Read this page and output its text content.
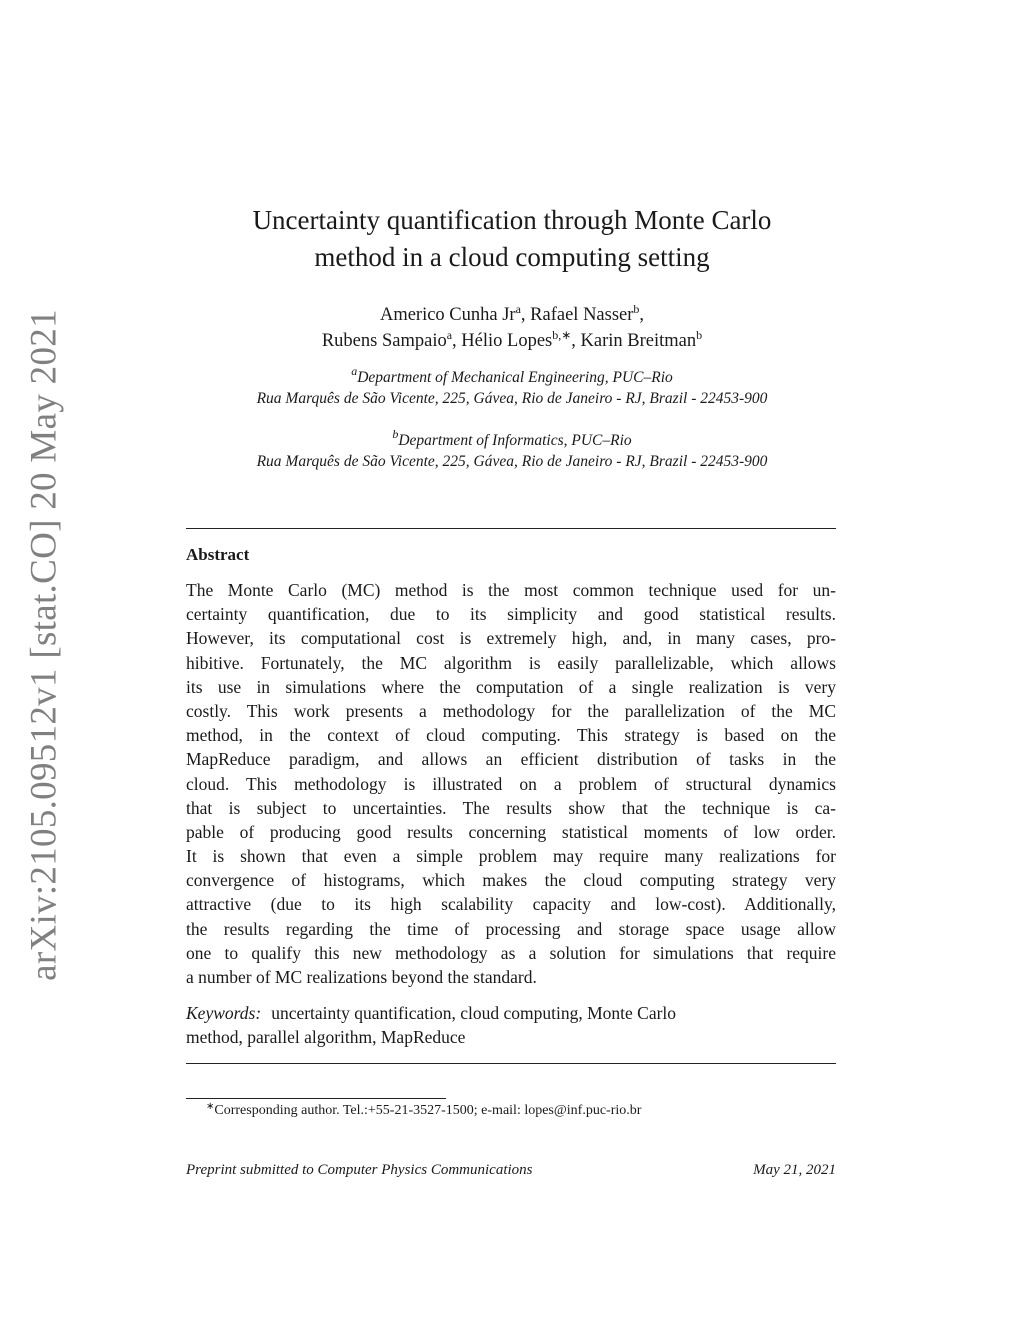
arXiv:2105.09512v1 [stat.CO] 20 May 2021
Uncertainty quantification through Monte Carlo
method in a cloud computing setting
Americo Cunha Jr$^a$, Rafael Nasser$^b$,
Rubens Sampaio$^a$, Hélio Lopes$^{b,∗}$, Karin Breitman$^b$
$^a$Department of Mechanical Engineering, PUC–Rio
Rua Marquês de São Vicente, 225, Gávea, Rio de Janeiro - RJ, Brazil - 22453-900
$^b$Department of Informatics, PUC–Rio
Rua Marquês de São Vicente, 225, Gávea, Rio de Janeiro - RJ, Brazil - 22453-900
Abstract
The Monte Carlo (MC) method is the most common technique used for un-
certainty quantification, due to its simplicity and good statistical results.
However, its computational cost is extremely high, and, in many cases, pro-
hibitive. Fortunately, the MC algorithm is easily parallelizable, which allows
its use in simulations where the computation of a single realization is very
costly. This work presents a methodology for the parallelization of the MC
method, in the context of cloud computing. This strategy is based on the
MapReduce paradigm, and allows an efficient distribution of tasks in the
cloud. This methodology is illustrated on a problem of structural dynamics
that is subject to uncertainties. The results show that the technique is ca-
pable of producing good results concerning statistical moments of low order.
It is shown that even a simple problem may require many realizations for
convergence of histograms, which makes the cloud computing strategy very
attractive (due to its high scalability capacity and low-cost). Additionally,
the results regarding the time of processing and storage space usage allow
one to qualify this new methodology as a solution for simulations that require
a number of MC realizations beyond the standard.
Keywords: uncertainty quantification, cloud computing, Monte Carlo
method, parallel algorithm, MapReduce
∗Corresponding author. Tel.:+55-21-3527-1500; e-mail: lopes@inf.puc-rio.br
Preprint submitted to Computer Physics Communications	May 21, 2021
